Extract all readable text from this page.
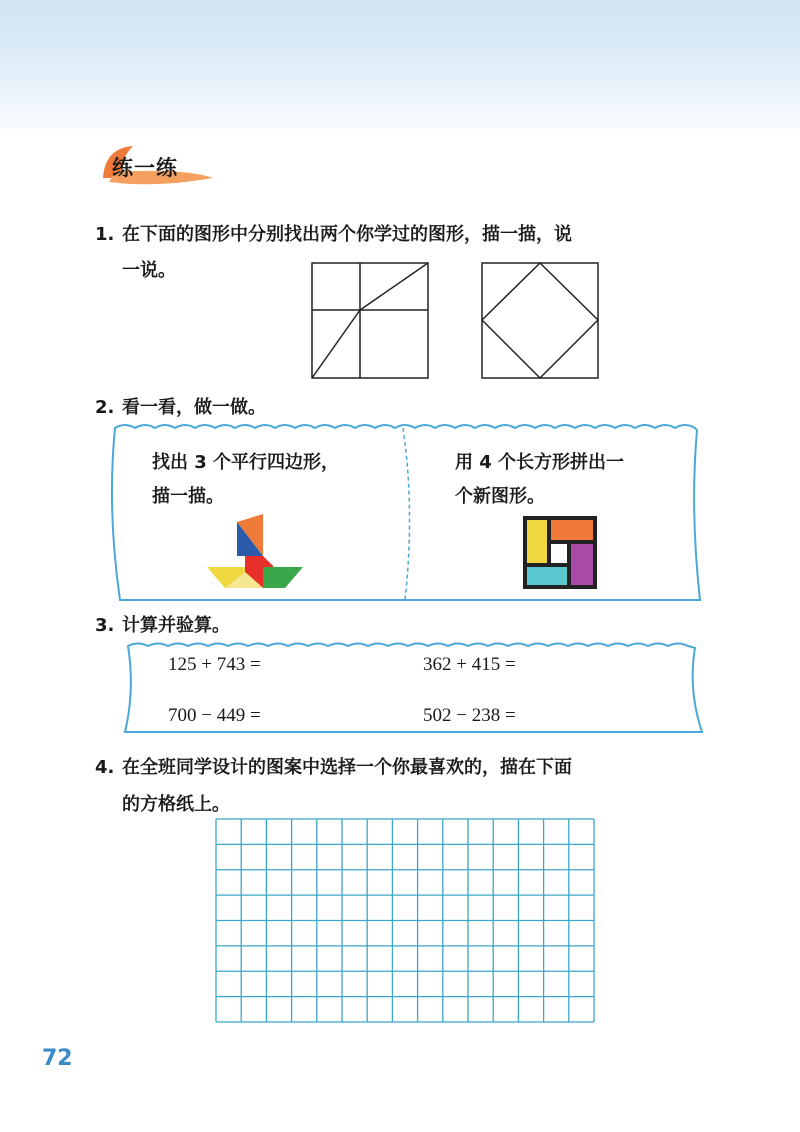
练一练
1. 在下面的图形中分别找出两个你学过的图形，描一描，说
一说。
2. 看一看，做一做。
找出 3 个平行四边形，
描一描。
用 4 个长方形拼出一
个新图形。
3. 计算并验算。
125 + 743 =	362 + 415 =
700 − 449 =	502 − 238 =
4. 在全班同学设计的图案中选择一个你最喜欢的，描在下面
的方格纸上。
72
